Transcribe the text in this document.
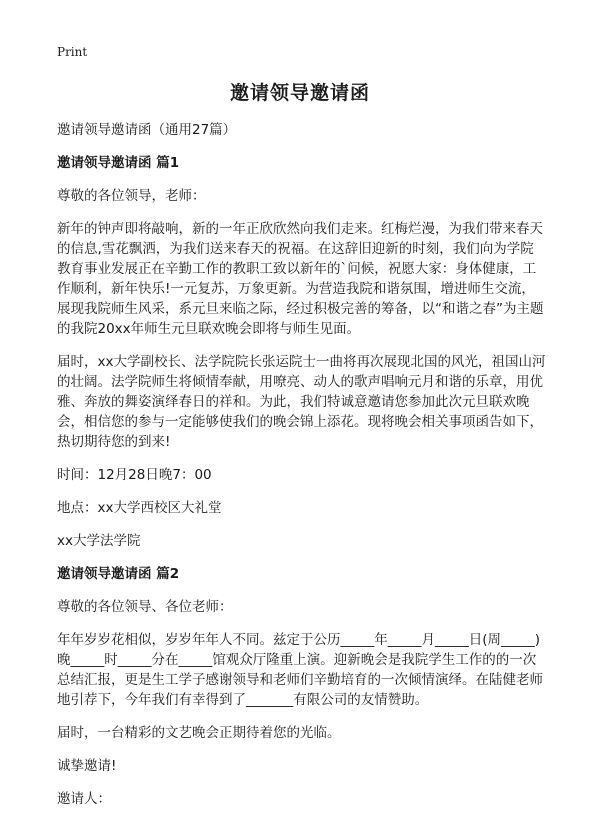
Print
邀请领导邀请函

邀请领导邀请函（通用27篇）

邀请领导邀请函 篇1

尊敬的各位领导，老师：

新年的钟声即将敲响，新的一年正欣欣然向我们走来。红梅烂漫，为我们带来春天的信息,雪花飘洒，为我们送来春天的祝福。在这辞旧迎新的时刻，我们向为学院教育事业发展正在辛勤工作的教职工致以新年的`问候，祝愿大家：身体健康，工作顺利，新年快乐!一元复苏，万象更新。为营造我院和谐氛围，增进师生交流，展现我院师生风采，系元旦来临之际，经过积极完善的筹备，以“和谐之春”为主题的我院20xx年师生元旦联欢晚会即将与师生见面。

届时，xx大学副校长、法学院院长张运院士一曲将再次展现北国的风光，祖国山河的壮阔。法学院师生将倾情奉献，用嘹亮、动人的歌声唱响元月和谐的乐章，用优雅、奔放的舞姿演绎春日的祥和。为此，我们特诚意邀请您参加此次元旦联欢晚会，相信您的参与一定能够使我们的晚会锦上添花。现将晚会相关事项函告如下，热切期待您的到来!

时间：12月28日晚7：00

地点：xx大学西校区大礼堂

xx大学法学院

邀请领导邀请函 篇2

尊敬的各位领导、各位老师：

年年岁岁花相似，岁岁年年人不同。兹定于公历_____年_____月_____日(周_____)晚_____时_____分在_____馆观众厅隆重上演。迎新晚会是我院学生工作的的一次总结汇报，更是生工学子感谢领导和老师们辛勤培育的一次倾情演绎。在陆健老师地引荐下，今年我们有幸得到了_______有限公司的友情赞助。

届时，一台精彩的文艺晚会正期待着您的光临。

诚挚邀请!

邀请人：
